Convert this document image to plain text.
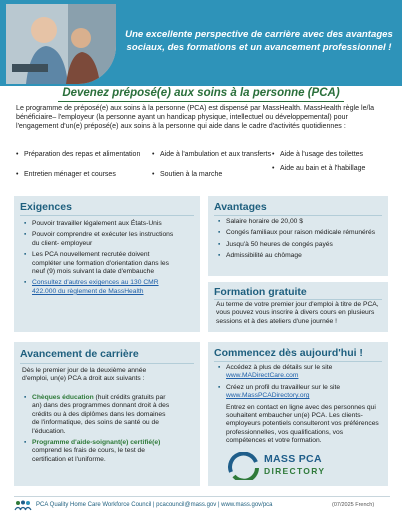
Une excellente perspective de carrière avec des avantages
sociaux, des formations et un avancement professionnel !
Devenez préposé(e) aux soins à la personne (PCA)
Le programme de préposé(e) aux soins à la personne (PCA) est dispensé par MassHealth. MassHealth règle le/la bénéficiaire– l'employeur (la personne ayant un handicap physique, intellectuel ou développemental) pour l'engagement d'un(e) préposé(e) aux soins à la personne qui aide dans le cadre d'activités quotidiennes :
• Préparation des repas et alimentation
• Entretien ménager et courses
• Aide à l'ambulation et aux transferts
• Soutien à la marche
• Aide à l'usage des toilettes
• Aide au bain et à l'habillage
Exigences
▪ Pouvoir travailler légalement aux États-Unis
▪ Pouvoir comprendre et exécuter les instructions du client- employeur
▪ Les PCA nouvellement recrutée doivent compléter une formation d'orientation dans les neuf (9) mois suivant la date d'embauche
▪ Consultez d'autres exigences au 130 CMR 422.000 du règlement de MassHealth
Avantages
▪ Salaire horaire de 20,00 $
▪ Congés familiaux pour raison médicale rémunérés
▪ Jusqu'à 50 heures de congés payés
▪ Admissibilité au chômage
Formation gratuite
Au terme de votre premier jour d'emploi à titre de PCA, vous pouvez vous inscrire à divers cours en plusieurs sessions et à des ateliers d'une journée !
Avancement de carrière
Dès le premier jour de la deuxième année d'emploi, un(e) PCA a droit aux suivants :
▪ Chèques éducation (huit crédits gratuits par an) dans des programmes donnant droit à des crédits ou à des diplômes dans les domaines de l'informatique, des soins de santé ou de l'éducation.
▪ Programme d'aide-soignant(e) certifié(e) comprend les frais de cours, le test de certification et l'uniforme.
Commencez dès aujourd'hui !
▪ Accédez à plus de détails sur le site
www.MADirectCare.com
▪ Créez un profil du travailleur sur le site
www.MassPCADirectory.org
Entrez en contact en ligne avec des personnes qui souhaitent embaucher un(e) PCA. Les clients-employeurs potentiels consulteront vos préférences professionnelles, vos qualifications, vos compétences et votre formation.
MASS PCA
DIRECTORY
PCA Quality Home Care Workforce Council | pcacouncil@mass.gov | www.mass.gov/pca	(07/2025 French)
